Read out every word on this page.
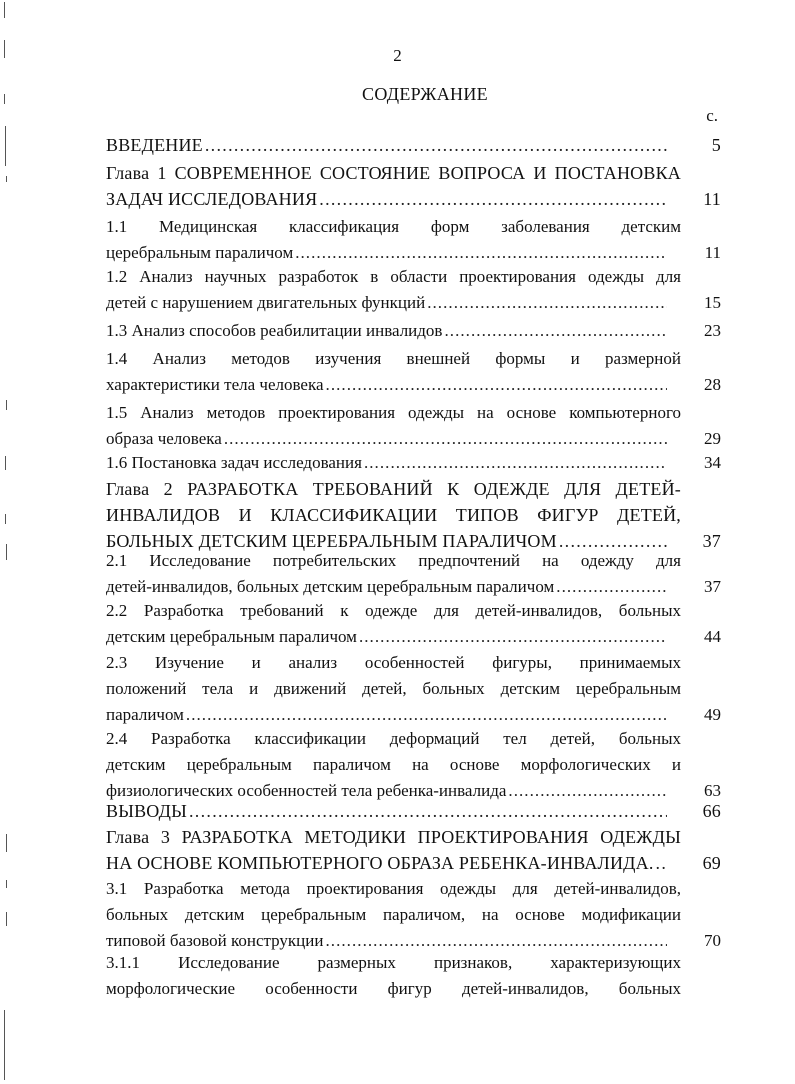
2
СОДЕРЖАНИЕ
с.
ВВЕДЕНИЕ . . .	5
Глава 1 СОВРЕМЕННОЕ СОСТОЯНИЕ ВОПРОСА И ПОСТАНОВКА
ЗАДАЧ ИССЛЕДОВАНИЯ . . .	11
1.1 Медицинская классификация форм заболевания детским
церебральным параличом . . .	11
1.2 Анализ научных разработок в области проектирования одежды для
детей с нарушением двигательных функций . . .	15
1.3 Анализ способов реабилитации инвалидов . . .	23
1.4 Анализ методов изучения внешней формы и размерной
характеристики тела человека . . .	28
1.5 Анализ методов проектирования одежды на основе компьютерного
образа человека . . .	29
1.6 Постановка задач исследования . . .	34
Глава 2 РАЗРАБОТКА ТРЕБОВАНИЙ К ОДЕЖДЕ ДЛЯ ДЕТЕЙ-
ИНВАЛИДОВ И КЛАССИФИКАЦИИ ТИПОВ ФИГУР ДЕТЕЙ,
БОЛЬНЫХ ДЕТСКИМ ЦЕРЕБРАЛЬНЫМ ПАРАЛИЧОМ . . .	37
2.1 Исследование потребительских предпочтений на одежду для
детей-инвалидов, больных детским церебральным параличом . . .	37
2.2 Разработка требований к одежде для детей-инвалидов, больных
детским церебральным параличом . . .	44
2.3 Изучение и анализ особенностей фигуры, принимаемых
положений тела и движений детей, больных детским церебральным
параличом . . .	49
2.4 Разработка классификации деформаций тел детей, больных
детским церебральным параличом на основе морфологических и
физиологических особенностей тела ребенка-инвалида . . .	63
ВЫВОДЫ . . .	66
Глава 3 РАЗРАБОТКА МЕТОДИКИ ПРОЕКТИРОВАНИЯ ОДЕЖДЫ
НА ОСНОВЕ КОМПЬЮТЕРНОГО ОБРАЗА РЕБЕНКА-ИНВАЛИДА. . . .	69
3.1 Разработка метода проектирования одежды для детей-инвалидов,
больных детским церебральным параличом, на основе модификации
типовой базовой конструкции . . .	70
3.1.1 Исследование размерных признаков, характеризующих
морфологические особенности фигур детей-инвалидов, больных
